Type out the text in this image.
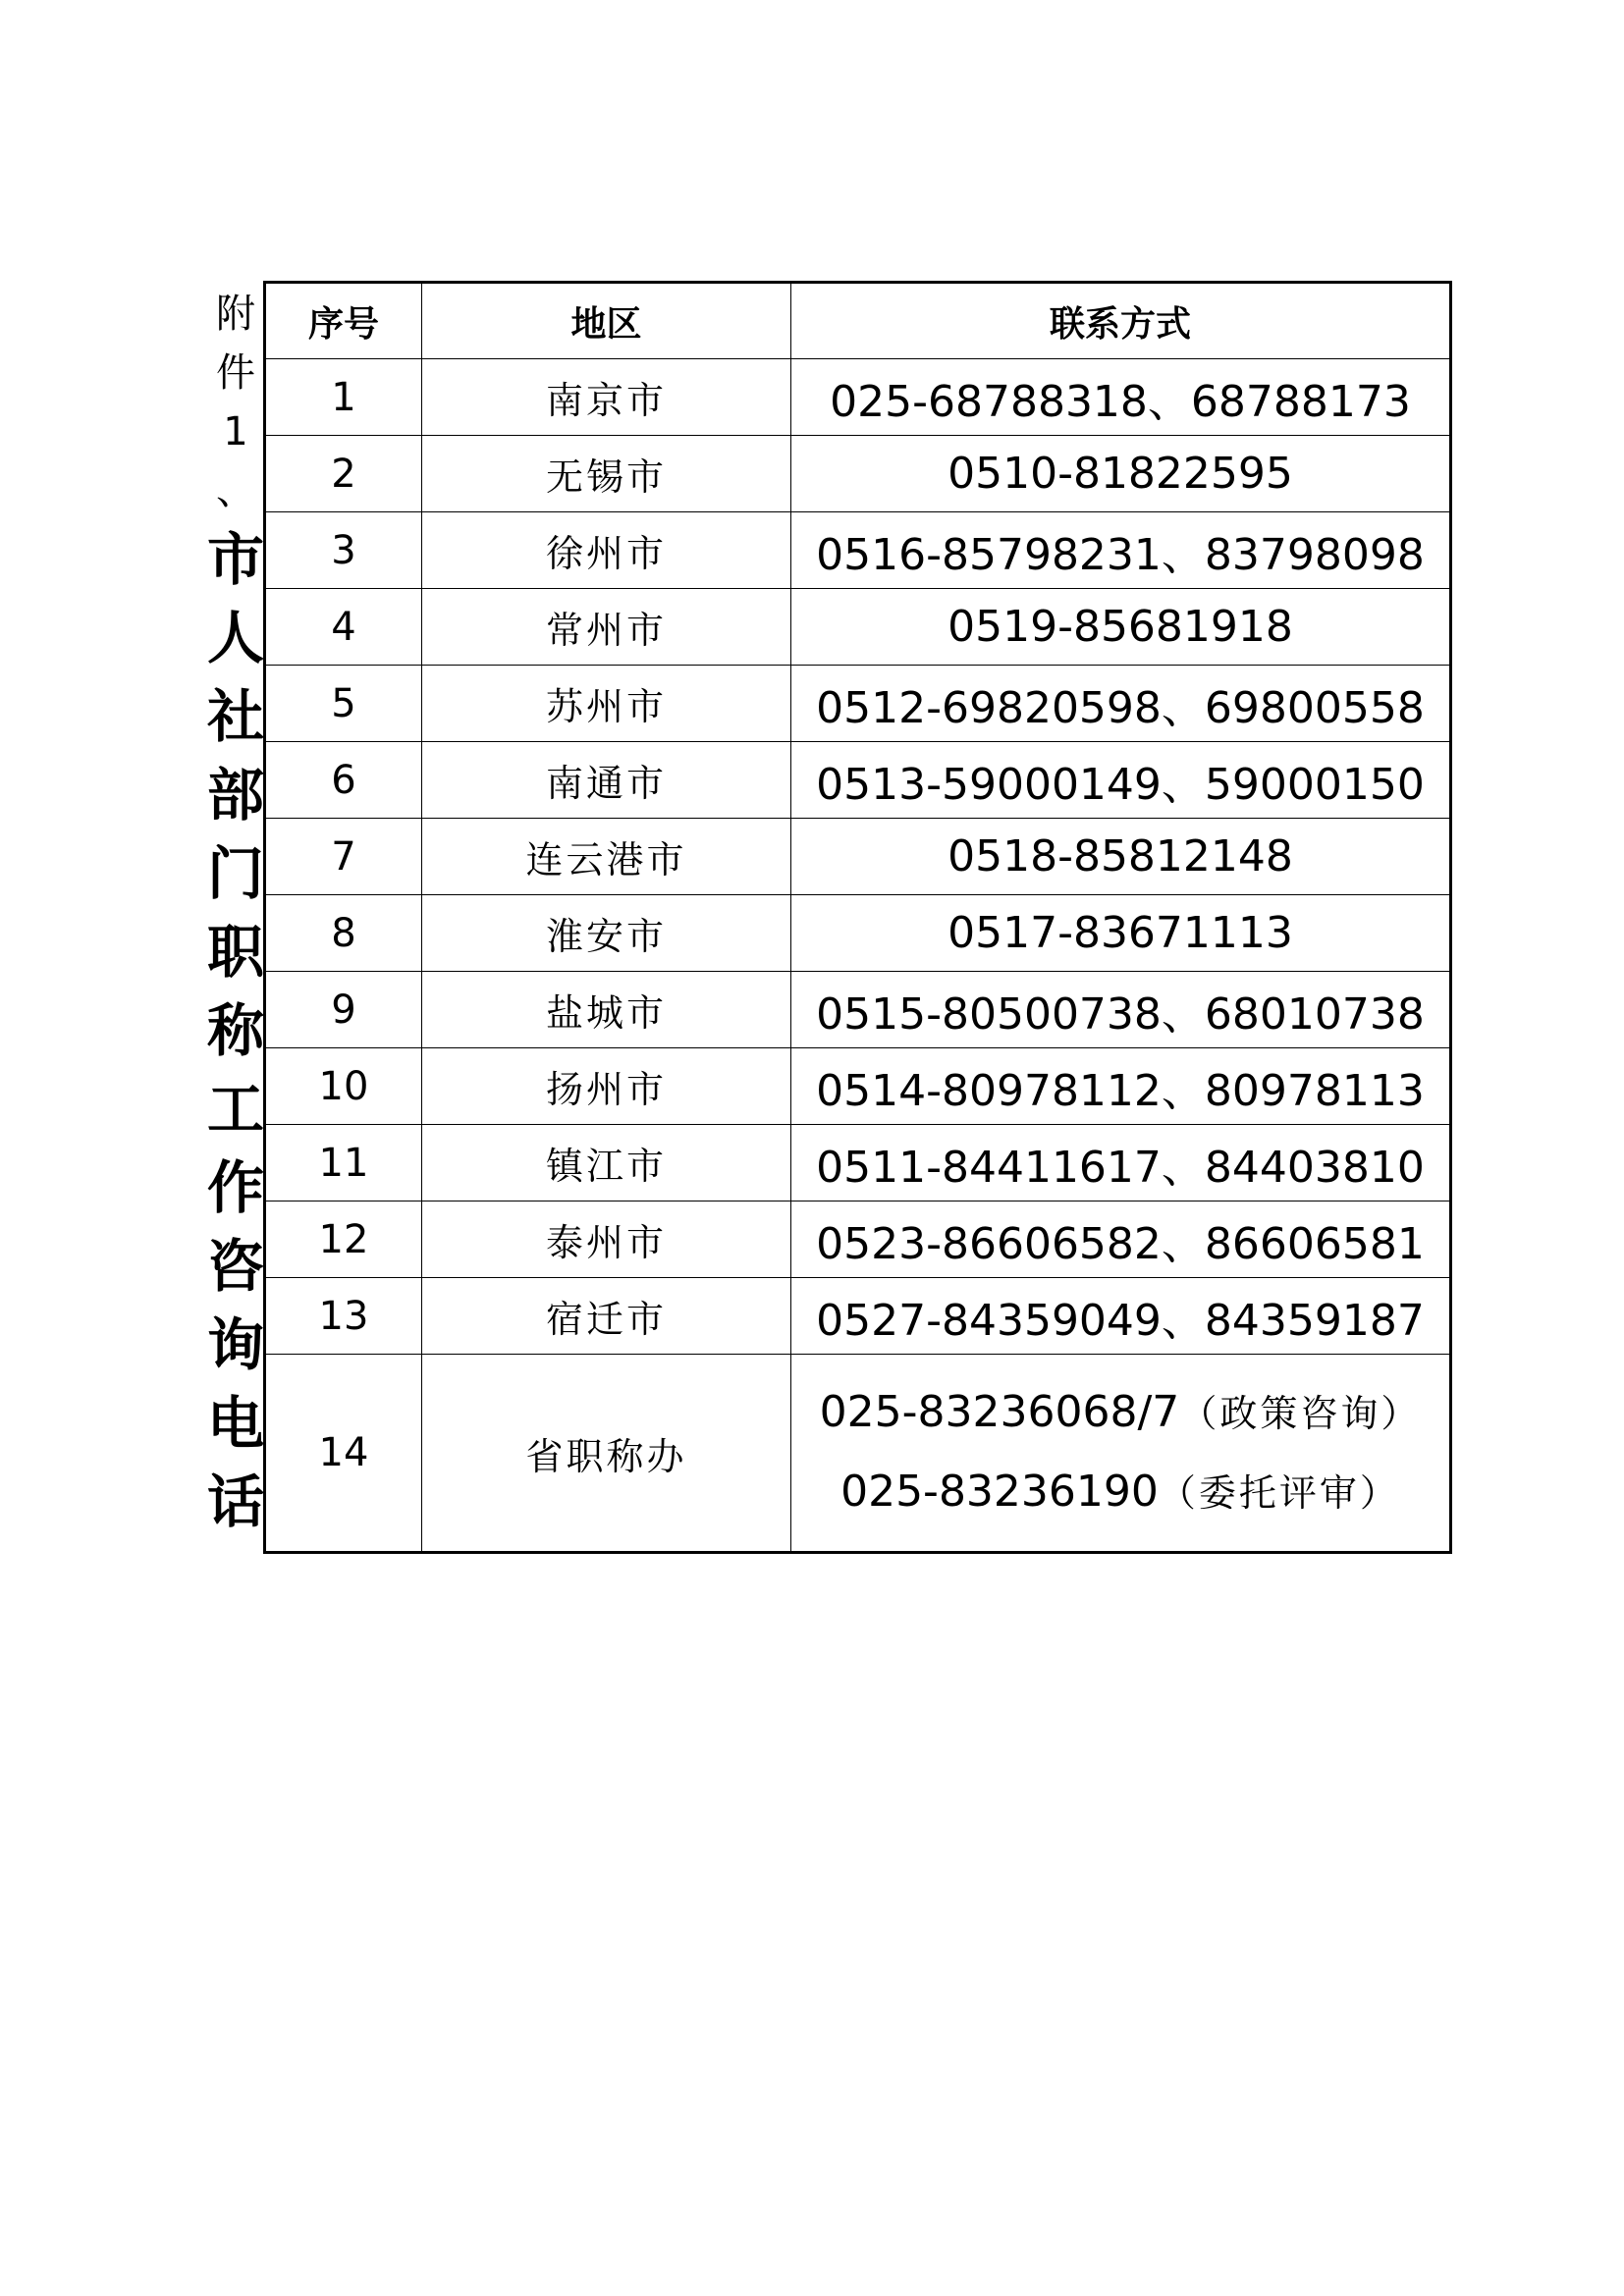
附
件
1
、
市
人
社
部
门
职
称
工
作
咨
询
电
话
序号	地区	联系方式
1	南京市	025-68788318、68788173
2	无锡市	0510-81822595
3	徐州市	0516-85798231、83798098
4	常州市	0519-85681918
5	苏州市	0512-69820598、69800558
6	南通市	0513-59000149、59000150
7	连云港市	0518-85812148
8	淮安市	0517-83671113
9	盐城市	0515-80500738、68010738
10	扬州市	0514-80978112、80978113
11	镇江市	0511-84411617、84403810
12	泰州市	0523-86606582、86606581
13	宿迁市	0527-84359049、84359187
14	省职称办	025-83236068/7（政策咨询）
025-83236190（委托评审）
